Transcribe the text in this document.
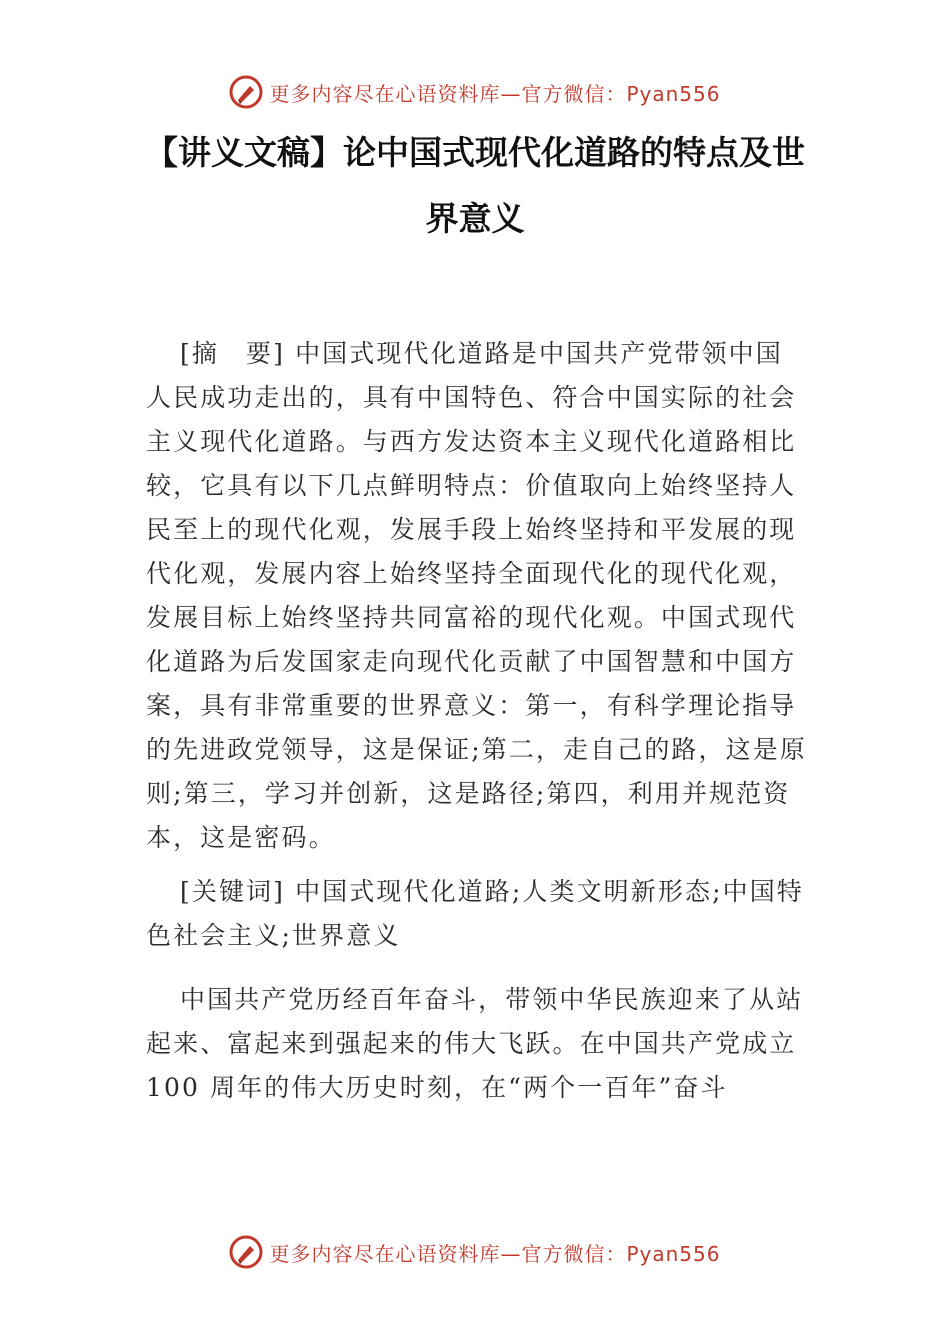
更多内容尽在心语资料库—官方微信：Pyan556
【讲义文稿】论中国式现代化道路的特点及世
界意义

[摘　要] 中国式现代化道路是中国共产党带领中国人民成功走出的，具有中国特色、符合中国实际的社会主义现代化道路。与西方发达资本主义现代化道路相比较，它具有以下几点鲜明特点：价值取向上始终坚持人民至上的现代化观，发展手段上始终坚持和平发展的现代化观，发展内容上始终坚持全面现代化的现代化观，发展目标上始终坚持共同富裕的现代化观。中国式现代化道路为后发国家走向现代化贡献了中国智慧和中国方案，具有非常重要的世界意义：第一，有科学理论指导的先进政党领导，这是保证;第二，走自己的路，这是原则;第三，学习并创新，这是路径;第四，利用并规范资本，这是密码。

[关键词] 中国式现代化道路;人类文明新形态;中国特色社会主义;世界意义

中国共产党历经百年奋斗，带领中华民族迎来了从站起来、富起来到强起来的伟大飞跃。在中国共产党成立 100 周年的伟大历史时刻，在“两个一百年”奋斗

更多内容尽在心语资料库—官方微信：Pyan556
